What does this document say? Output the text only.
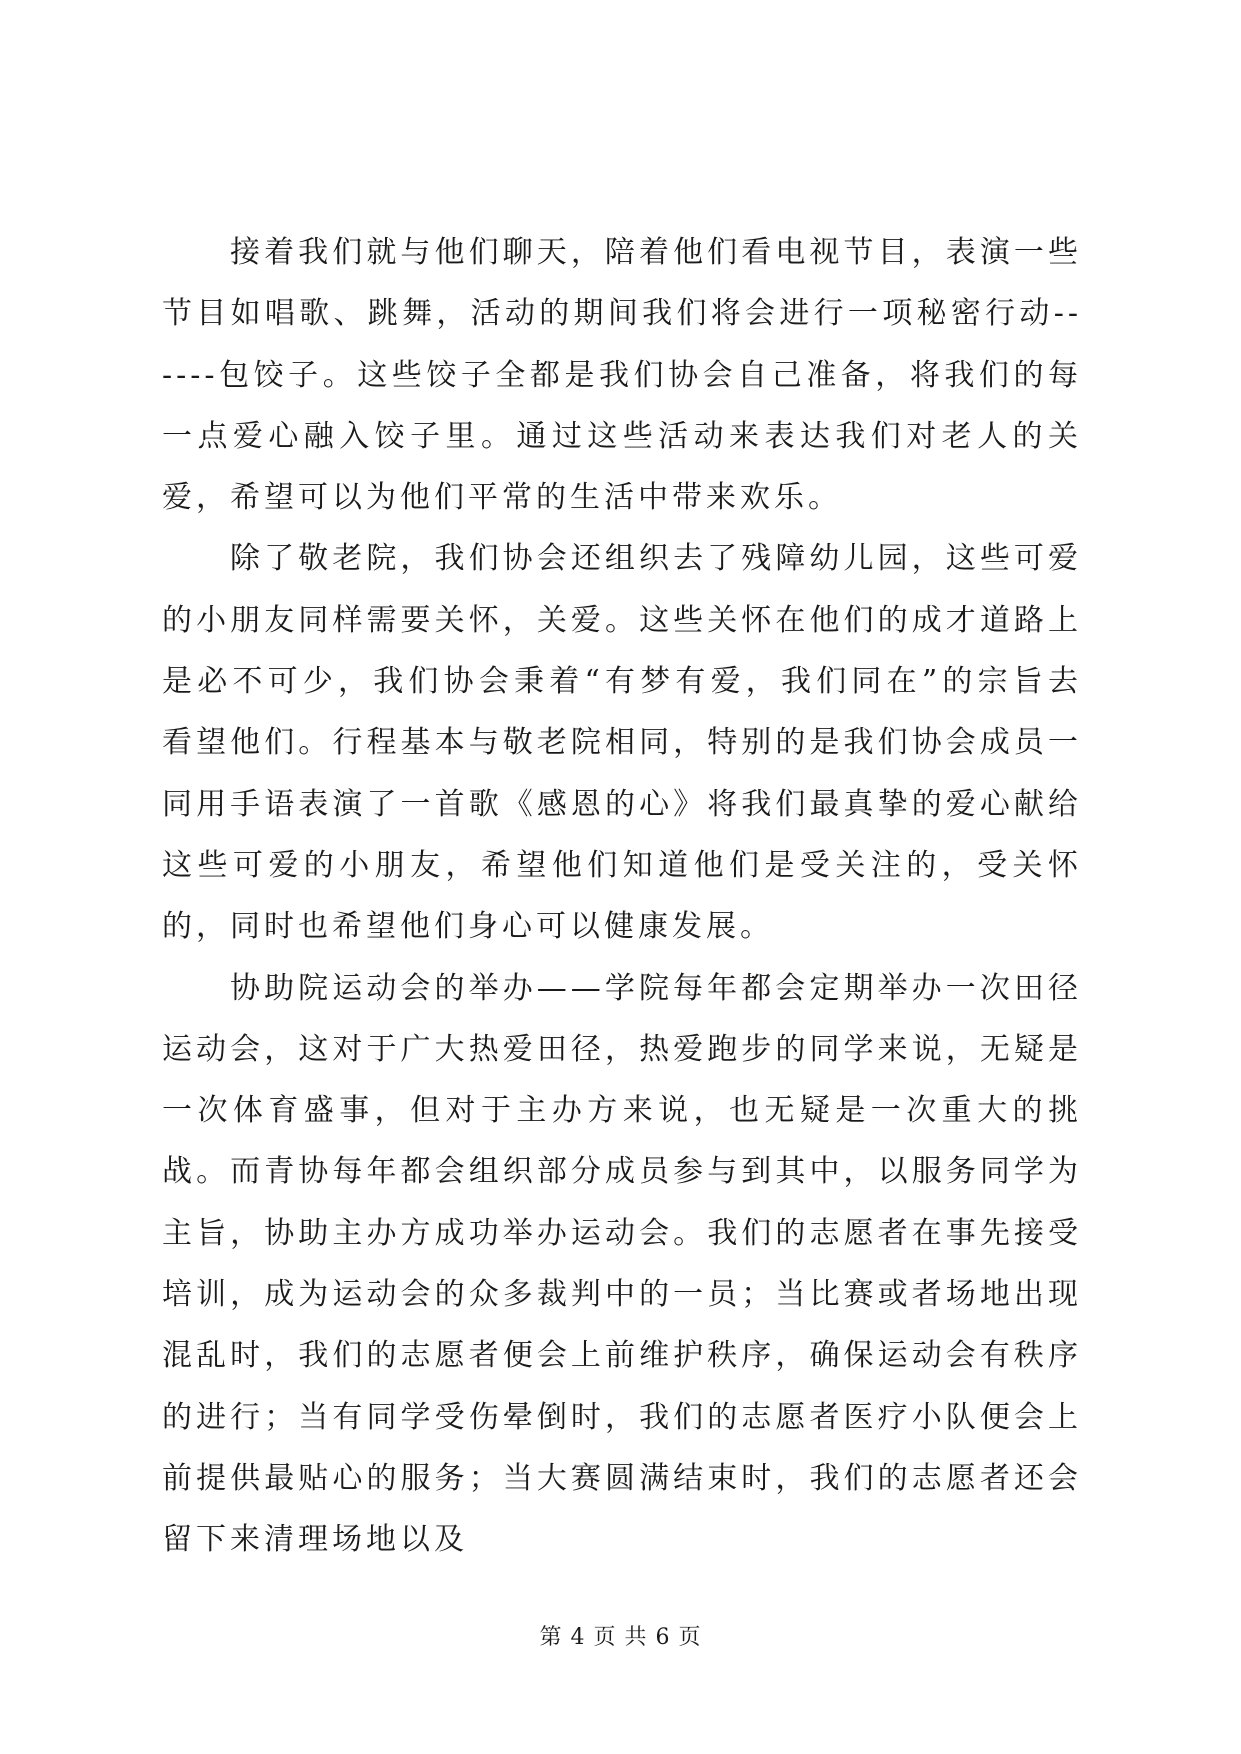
接着我们就与他们聊天，陪着他们看电视节目，表演一些节目如唱歌、跳舞，活动的期间我们将会进行一项秘密行动------包饺子。这些饺子全都是我们协会自己准备，将我们的每一点爱心融入饺子里。通过这些活动来表达我们对老人的关爱，希望可以为他们平常的生活中带来欢乐。

除了敬老院，我们协会还组织去了残障幼儿园，这些可爱的小朋友同样需要关怀，关爱。这些关怀在他们的成才道路上是必不可少，我们协会秉着“有梦有爱，我们同在”的宗旨去看望他们。行程基本与敬老院相同，特别的是我们协会成员一同用手语表演了一首歌《感恩的心》将我们最真挚的爱心献给这些可爱的小朋友，希望他们知道他们是受关注的，受关怀的，同时也希望他们身心可以健康发展。

协助院运动会的举办——学院每年都会定期举办一次田径运动会，这对于广大热爱田径，热爱跑步的同学来说，无疑是一次体育盛事，但对于主办方来说，也无疑是一次重大的挑战。而青协每年都会组织部分成员参与到其中，以服务同学为主旨，协助主办方成功举办运动会。我们的志愿者在事先接受培训，成为运动会的众多裁判中的一员；当比赛或者场地出现混乱时，我们的志愿者便会上前维护秩序，确保运动会有秩序的进行；当有同学受伤晕倒时，我们的志愿者医疗小队便会上前提供最贴心的服务；当大赛圆满结束时，我们的志愿者还会留下来清理场地以及

第 4 页 共 6 页
